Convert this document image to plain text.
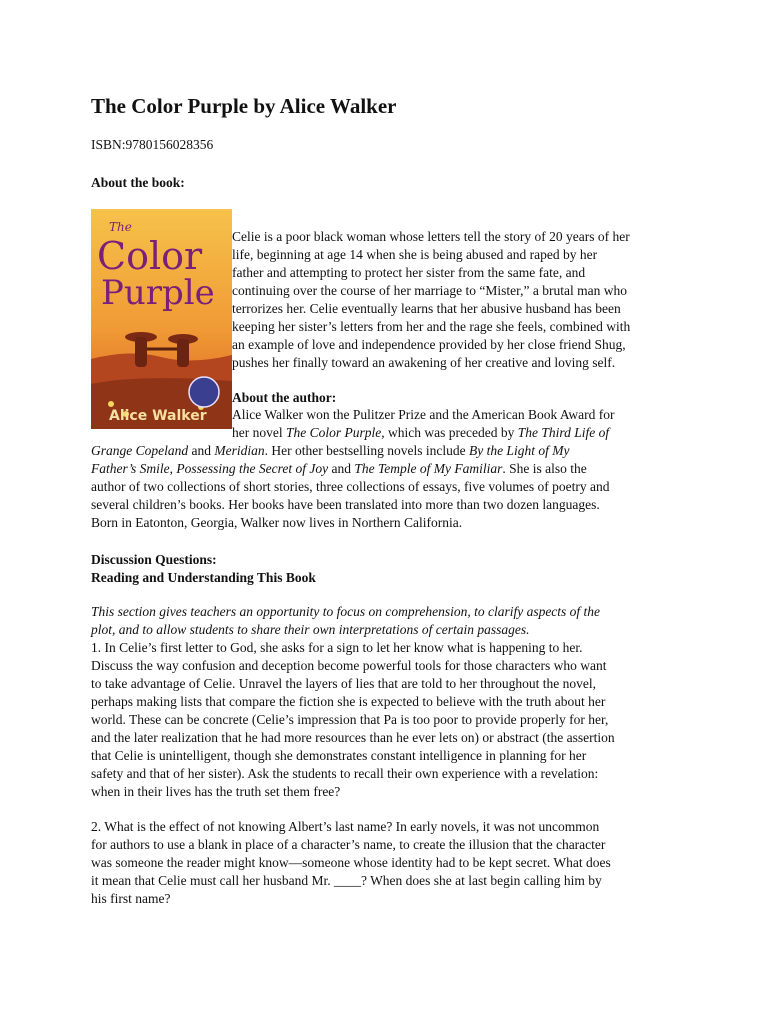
The Color Purple by Alice Walker
ISBN:9780156028356
About the book:
The
Color
Purple
Alice Walker
Celie is a poor black woman whose letters tell the story of 20 years of her
life, beginning at age 14 when she is being abused and raped by her
father and attempting to protect her sister from the same fate, and
continuing over the course of her marriage to “Mister,” a brutal man who
terrorizes her. Celie eventually learns that her abusive husband has been
keeping her sister’s letters from her and the rage she feels, combined with
an example of love and independence provided by her close friend Shug,
pushes her finally toward an awakening of her creative and loving self.
About the author:
Alice Walker won the Pulitzer Prize and the American Book Award for
her novel The Color Purple, which was preceded by The Third Life of
Grange Copeland and Meridian. Her other bestselling novels include By the Light of My
Father’s Smile, Possessing the Secret of Joy and The Temple of My Familiar. She is also the
author of two collections of short stories, three collections of essays, five volumes of poetry and
several children’s books. Her books have been translated into more than two dozen languages.
Born in Eatonton, Georgia, Walker now lives in Northern California.
Discussion Questions:
Reading and Understanding This Book
This section gives teachers an opportunity to focus on comprehension, to clarify aspects of the
plot, and to allow students to share their own interpretations of certain passages.
1. In Celie’s first letter to God, she asks for a sign to let her know what is happening to her.
Discuss the way confusion and deception become powerful tools for those characters who want
to take advantage of Celie. Unravel the layers of lies that are told to her throughout the novel,
perhaps making lists that compare the fiction she is expected to believe with the truth about her
world. These can be concrete (Celie’s impression that Pa is too poor to provide properly for her,
and the later realization that he had more resources than he ever lets on) or abstract (the assertion
that Celie is unintelligent, though she demonstrates constant intelligence in planning for her
safety and that of her sister). Ask the students to recall their own experience with a revelation:
when in their lives has the truth set them free?
2. What is the effect of not knowing Albert’s last name? In early novels, it was not uncommon
for authors to use a blank in place of a character’s name, to create the illusion that the character
was someone the reader might know—someone whose identity had to be kept secret. What does
it mean that Celie must call her husband Mr. ____? When does she at last begin calling him by
his first name?
